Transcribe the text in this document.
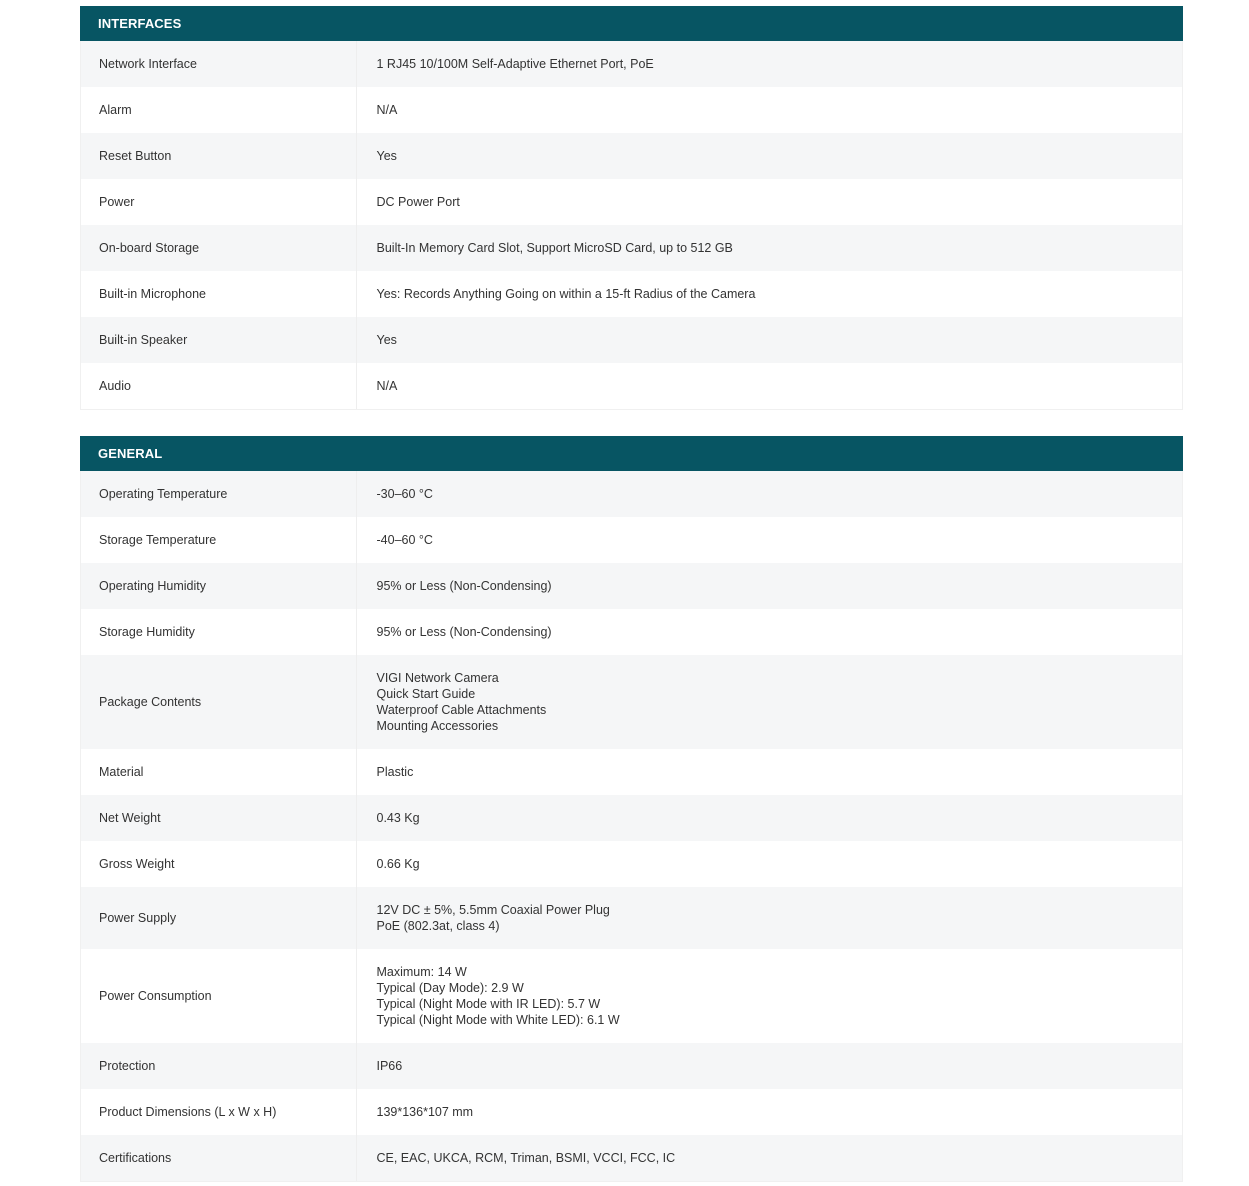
INTERFACES
Network Interface	1 RJ45 10/100M Self-Adaptive Ethernet Port, PoE

Alarm	N/A

Reset Button	Yes

Power	DC Power Port

On-board Storage	Built-In Memory Card Slot, Support MicroSD Card, up to 512 GB

Built-in Microphone	Yes: Records Anything Going on within a 15-ft Radius of the Camera

Built-in Speaker	Yes

Audio	N/A
GENERAL
Operating Temperature	-30–60 °C

Storage Temperature	-40–60 °C

Operating Humidity	95% or Less (Non-Condensing)

Storage Humidity	95% or Less (Non-Condensing)

Package Contents	VIGI Network Camera
Quick Start Guide
Waterproof Cable Attachments
Mounting Accessories

Material	Plastic

Net Weight	0.43 Kg

Gross Weight	0.66 Kg

Power Supply	12V DC ± 5%, 5.5mm Coaxial Power Plug
PoE (802.3at, class 4)

Power Consumption	Maximum: 14 W
Typical (Day Mode): 2.9 W
Typical (Night Mode with IR LED): 5.7 W
Typical (Night Mode with White LED): 6.1 W

Protection	IP66

Product Dimensions (L x W x H)	139*136*107 mm

Certifications	CE, EAC, UKCA, RCM, Triman, BSMI, VCCI, FCC, IC
